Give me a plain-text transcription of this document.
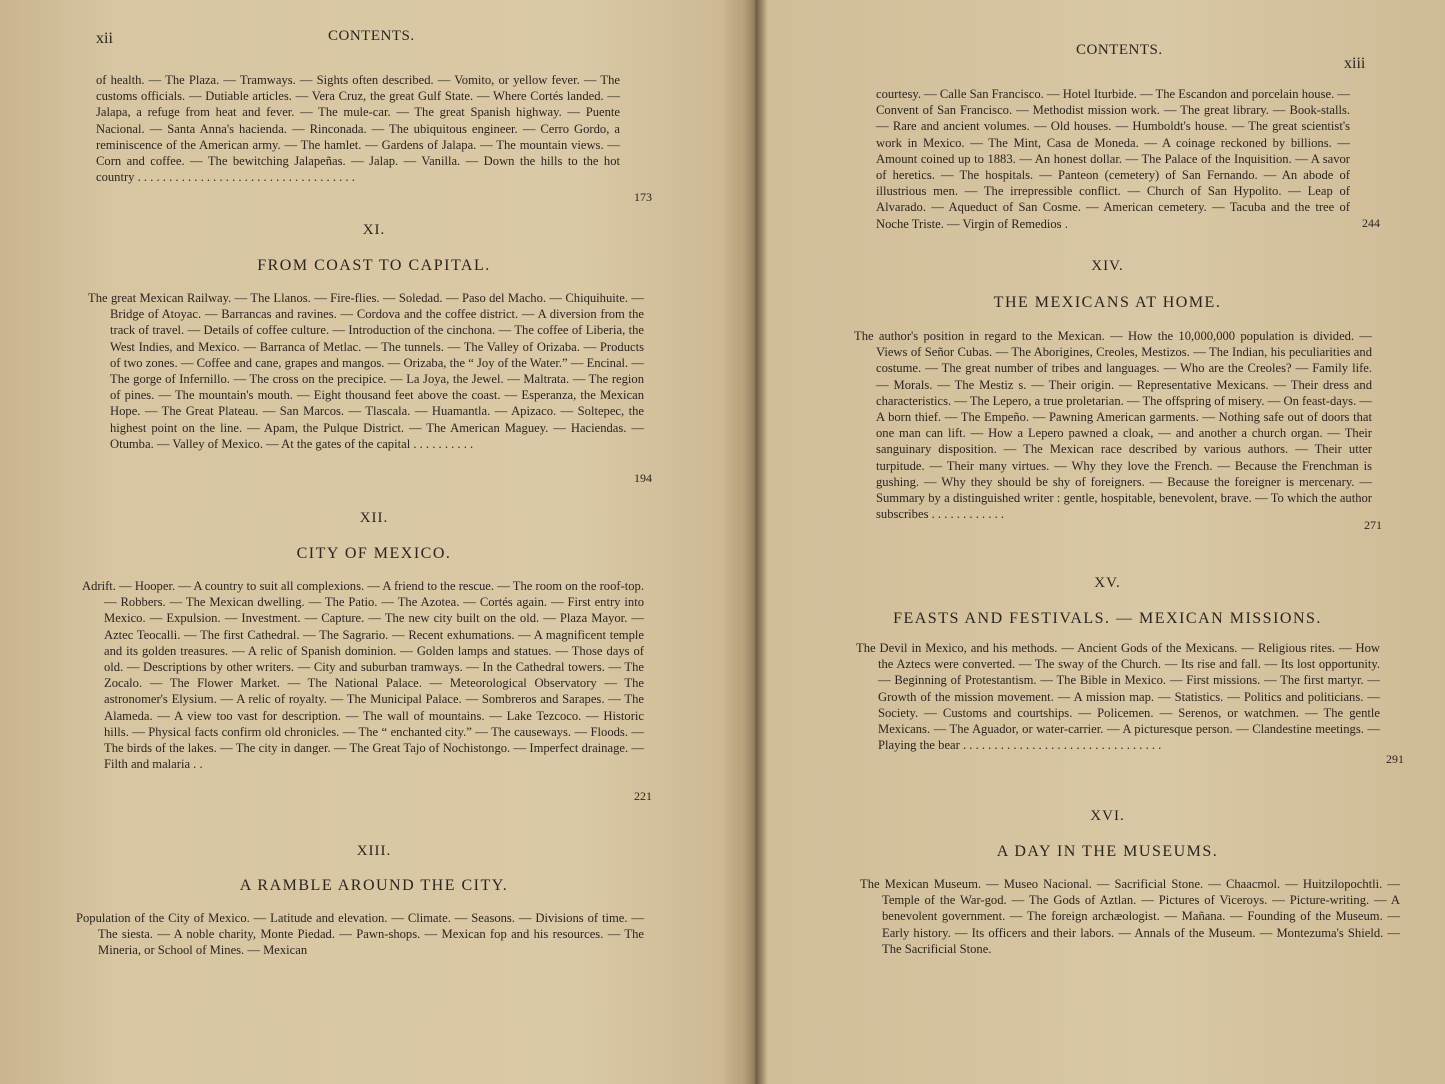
xii	CONTENTS.
of health. — The Plaza. — Tramways. — Sights often described. — Vomito, or yellow fever. — The customs officials. — Dutiable articles. — Vera Cruz, the great Gulf State. — Where Cortés landed. — Jalapa, a refuge from heat and fever. — The mule-car. — The great Spanish highway. — Puente Nacional. — Santa Anna's hacienda. — Rinconada. — The ubiquitous engineer. — Cerro Gordo, a reminiscence of the American army. — The hamlet. — Gardens of Jalapa. — The mountain views. — Corn and coffee. — The bewitching Jalapeñas. — Jalap. — Vanilla. — Down the hills to the hot country . . . . . . . . . . . . . . . . . . . . . . . . . . . . . . . . . . .
173
XI.
FROM COAST TO CAPITAL.
The great Mexican Railway. — The Llanos. — Fire-flies. — Soledad. — Paso del Macho. — Chiquihuite. — Bridge of Atoyac. — Barrancas and ravines. — Cordova and the coffee district. — A diversion from the track of travel. — Details of coffee culture. — Introduction of the cinchona. — The coffee of Liberia, the West Indies, and Mexico. — Barranca of Metlac. — The tunnels. — The Valley of Orizaba. — Products of two zones. — Coffee and cane, grapes and mangos. — Orizaba, the “ Joy of the Water.” — Encinal. — The gorge of Infernillo. — The cross on the precipice. — La Joya, the Jewel. — Maltrata. — The region of pines. — The mountain's mouth. — Eight thousand feet above the coast. — Esperanza, the Mexican Hope. — The Great Plateau. — San Marcos. — Tlascala. — Huamantla. — Apizaco. — Soltepec, the highest point on the line. — Apam, the Pulque District. — The American Maguey. — Haciendas. — Otumba. — Valley of Mexico. — At the gates of the capital . . . . . . . . . .
194
XII.
CITY OF MEXICO.
Adrift. — Hooper. — A country to suit all complexions. — A friend to the rescue. — The room on the roof-top. — Robbers. — The Mexican dwelling. — The Patio. — The Azotea. — Cortés again. — First entry into Mexico. — Expulsion. — Investment. — Capture. — The new city built on the old. — Plaza Mayor. — Aztec Teocalli. — The first Cathedral. — The Sagrario. — Recent exhumations. — A magnificent temple and its golden treasures. — A relic of Spanish dominion. — Golden lamps and statues. — Those days of old. — Descriptions by other writers. — City and suburban tramways. — In the Cathedral towers. — The Zocalo. — The Flower Market. — The National Palace. — Meteorological Observatory — The astronomer's Elysium. — A relic of royalty. — The Municipal Palace. — Sombreros and Sarapes. — The Alameda. — A view too vast for description. — The wall of mountains. — Lake Tezcoco. — Historic hills. — Physical facts confirm old chronicles. — The “ enchanted city.” — The causeways. — Floods. — The birds of the lakes. — The city in danger. — The Great Tajo of Nochistongo. — Imperfect drainage. — Filth and malaria . .
221
XIII.
A RAMBLE AROUND THE CITY.
Population of the City of Mexico. — Latitude and elevation. — Climate. — Seasons. — Divisions of time. — The siesta. — A noble charity, Monte Piedad. — Pawn-shops. — Mexican fop and his resources. — The Mineria, or School of Mines. — Mexican
CONTENTS.
xiii
courtesy. — Calle San Francisco. — Hotel Iturbide. — The Escandon and porcelain house. — Convent of San Francisco. — Methodist mission work. — The great library. — Book-stalls. — Rare and ancient volumes. — Old houses. — Humboldt's house. — The great scientist's work in Mexico. — The Mint, Casa de Moneda. — A coinage reckoned by billions. — Amount coined up to 1883. — An honest dollar. — The Palace of the Inquisition. — A savor of heretics. — The hospitals. — Panteon (cemetery) of San Fernando. — An abode of illustrious men. — The irrepressible conflict. — Church of San Hypolito. — Leap of Alvarado. — Aqueduct of San Cosme. — American cemetery. — Tacuba and the tree of Noche Triste. — Virgin of Remedios .	244
XIV.
THE MEXICANS AT HOME.
The author's position in regard to the Mexican. — How the 10,000,000 population is divided. — Views of Señor Cubas. — The Aborigines, Creoles, Mestizos. — The Indian, his peculiarities and costume. — The great number of tribes and languages. — Who are the Creoles? — Family life. — Morals. — The Mestiz s. — Their origin. — Representative Mexicans. — Their dress and characteristics. — The Lepero, a true proletarian. — The offspring of misery. — On feast-days. — A born thief. — The Empeño. — Pawning American garments. — Nothing safe out of doors that one man can lift. — How a Lepero pawned a cloak, — and another a church organ. — Their sanguinary disposition. — The Mexican race described by various authors. — Their utter turpitude. — Their many virtues. — Why they love the French. — Because the Frenchman is gushing. — Why they should be shy of foreigners. — Because the foreigner is mercenary. — Summary by a distinguished writer : gentle, hospitable, benevolent, brave. — To which the author subscribes . . . . . . . . . . . .
271
XV.
FEASTS AND FESTIVALS. — MEXICAN MISSIONS.
The Devil in Mexico, and his methods. — Ancient Gods of the Mexicans. — Religious rites. — How the Aztecs were converted. — The sway of the Church. — Its rise and fall. — Its lost opportunity. — Beginning of Protestantism. — The Bible in Mexico. — First missions. — The first martyr. — Growth of the mission movement. — A mission map. — Statistics. — Politics and politicians. — Society. — Customs and courtships. — Policemen. — Serenos, or watchmen. — The gentle Mexicans. — The Aguador, or water-carrier. — A picturesque person. — Clandestine meetings. — Playing the bear . . . . . . . . . . . . . . . . . . . . . . . . . . . . . . . .
291
XVI.
A DAY IN THE MUSEUMS.
The Mexican Museum. — Museo Nacional. — Sacrificial Stone. — Chaacmol. — Huitzilopochtli. — Temple of the War-god. — The Gods of Aztlan. — Pictures of Viceroys. — Picture-writing. — A benevolent government. — The foreign archæologist. — Mañana. — Founding of the Museum. — Early history. — Its officers and their labors. — Annals of the Museum. — Montezuma's Shield. — The Sacrificial Stone.
